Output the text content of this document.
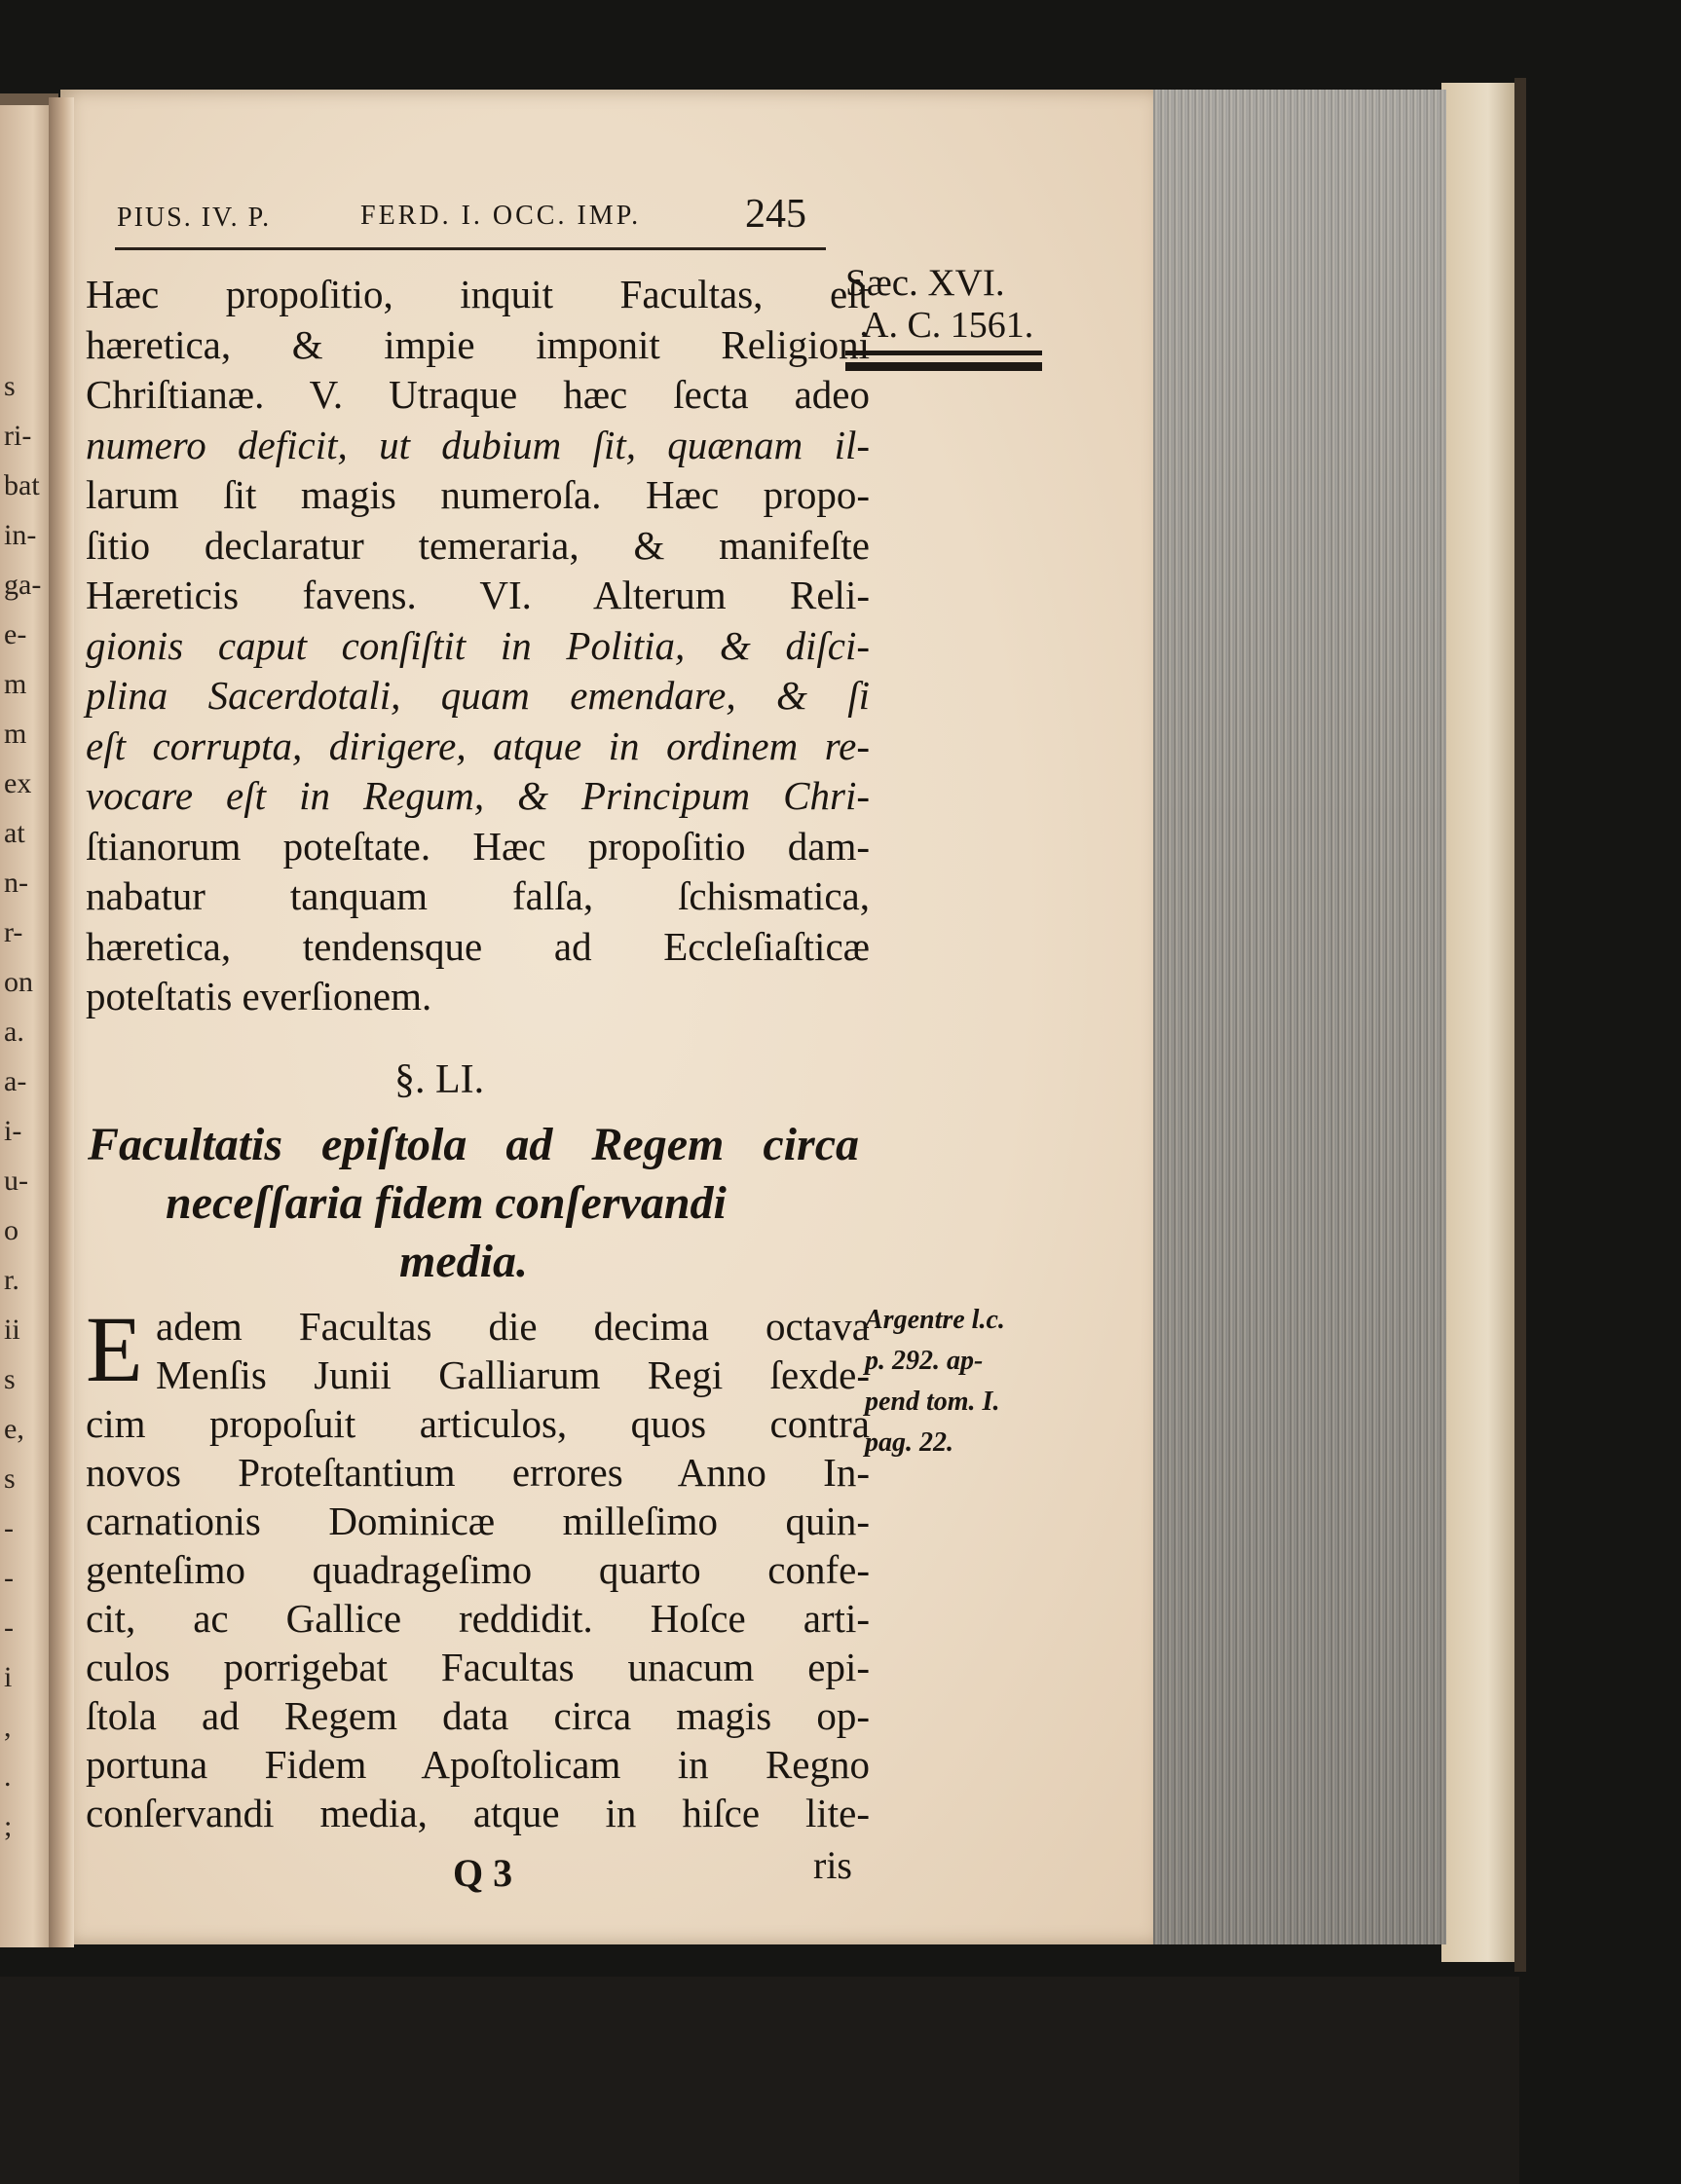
s
ri-
bat
in-
ga-
e-
m
m
ex
at
n-
r-
on
a.
a-
i-
u-
o
r.
ii
s
e,
s
-
-
-
i
,
.
;
PIUS. IV. P.	FERD. I. OCC. IMP.	245
Sæc. XVI.
A. C. 1561.
Hæc propoſitio, inquit Facultas, eſt
hæretica, & impie imponit Religioni
Chriſtianæ. V. Utraque hæc ſecta adeo
numero deficit, ut dubium ſit, quænam il-
larum ſit magis numeroſa. Hæc propo-
ſitio declaratur temeraria, & manifeſte
Hæreticis favens. VI. Alterum Reli-
gionis caput conſiſtit in Politia, & diſci-
plina Sacerdotali, quam emendare, & ſi
eſt corrupta, dirigere, atque in ordinem re-
vocare eſt in Regum, & Principum Chri-
ſtianorum poteſtate. Hæc propoſitio dam-
nabatur tanquam falſa, ſchismatica,
hæretica, tendensque ad Eccleſiaſticæ
poteſtatis everſionem.
§. LI.
Facultatis epiſtola ad Regem circa
neceſſaria fidem conſervandi
media.
E adem Facultas die decima octava
Menſis Junii Galliarum Regi ſexde-
cim propoſuit articulos, quos contra
novos Proteſtantium errores Anno In-
carnationis Dominicæ milleſimo quin-
genteſimo quadrageſimo quarto confe-
cit, ac Gallice reddidit. Hoſce arti-
culos porrigebat Facultas unacum epi-
ſtola ad Regem data circa magis op-
portuna Fidem Apoſtolicam in Regno
conſervandi media, atque in hiſce lite-
Argentre l.c.
p. 292. ap-
pend tom. I.
pag. 22.
Q 3	ris
